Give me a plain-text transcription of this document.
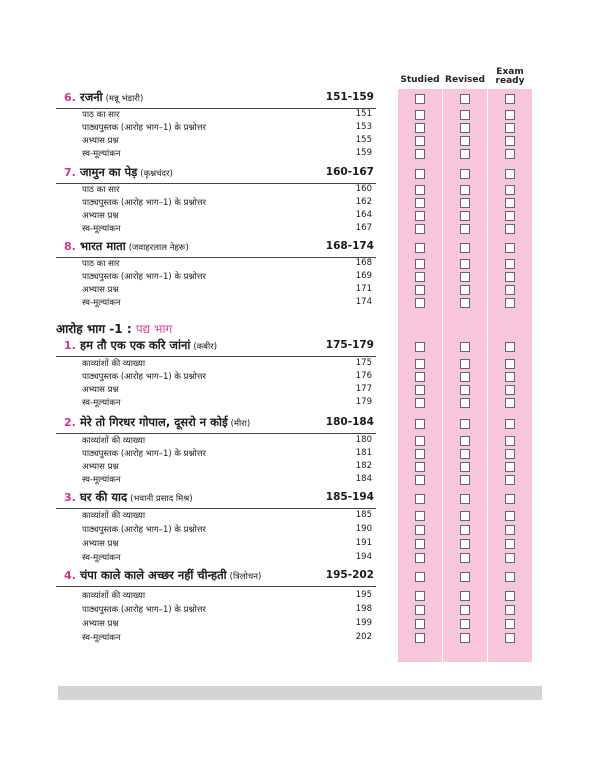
Studied Revised
Exam
ready
6. रजनी (मन्नू भंडारी)	151-159
पाठ का सार	151
पाठ्यपुस्तक (आरोह भाग–1) के प्रश्नोत्तर	153
अभ्यास प्रश्न	155
स्व-मूल्यांकन	159
7. जामुन का पेड़ (कृश्नचंदर)	160-167
पाठ का सार	160
पाठ्यपुस्तक (आरोह भाग–1) के प्रश्नोत्तर	162
अभ्यास प्रश्न	164
स्व-मूल्यांकन	167
8. भारत माता (जवाहरलाल नेहरू)	168-174
पाठ का सार	168
पाठ्यपुस्तक (आरोह भाग–1) के प्रश्नोत्तर	169
अभ्यास प्रश्न	171
स्व-मूल्यांकन	174
1. हम तौ एक एक करि जांनां (कबीर)	175-179
काव्यांशों की व्याख्या	175
पाठ्यपुस्तक (आरोह भाग–1) के प्रश्नोत्तर	176
अभ्यास प्रश्न	177
स्व-मूल्यांकन	179
2. मेरे तो गिरधर गोपाल, दूसरो न कोई (मीरा)	180-184
काव्यांशों की व्याख्या	180
पाठ्यपुस्तक (आरोह भाग–1) के प्रश्नोत्तर	181
अभ्यास प्रश्न	182
स्व-मूल्यांकन	184
3. घर की याद (भवानी प्रसाद मिश्र)	185-194
काव्यांशों की व्याख्या	185
पाठ्यपुस्तक (आरोह भाग–1) के प्रश्नोत्तर	190
अभ्यास प्रश्न	191
स्व-मूल्यांकन	194
4. चंपा काले काले अच्छर नहीं चीन्हती (त्रिलोचन)	195-202
काव्यांशों की व्याख्या	195
पाठ्यपुस्तक (आरोह भाग–1) के प्रश्नोत्तर	198
अभ्यास प्रश्न	199
स्व-मूल्यांकन	202
आरोह भाग -1 : पद्य भाग
